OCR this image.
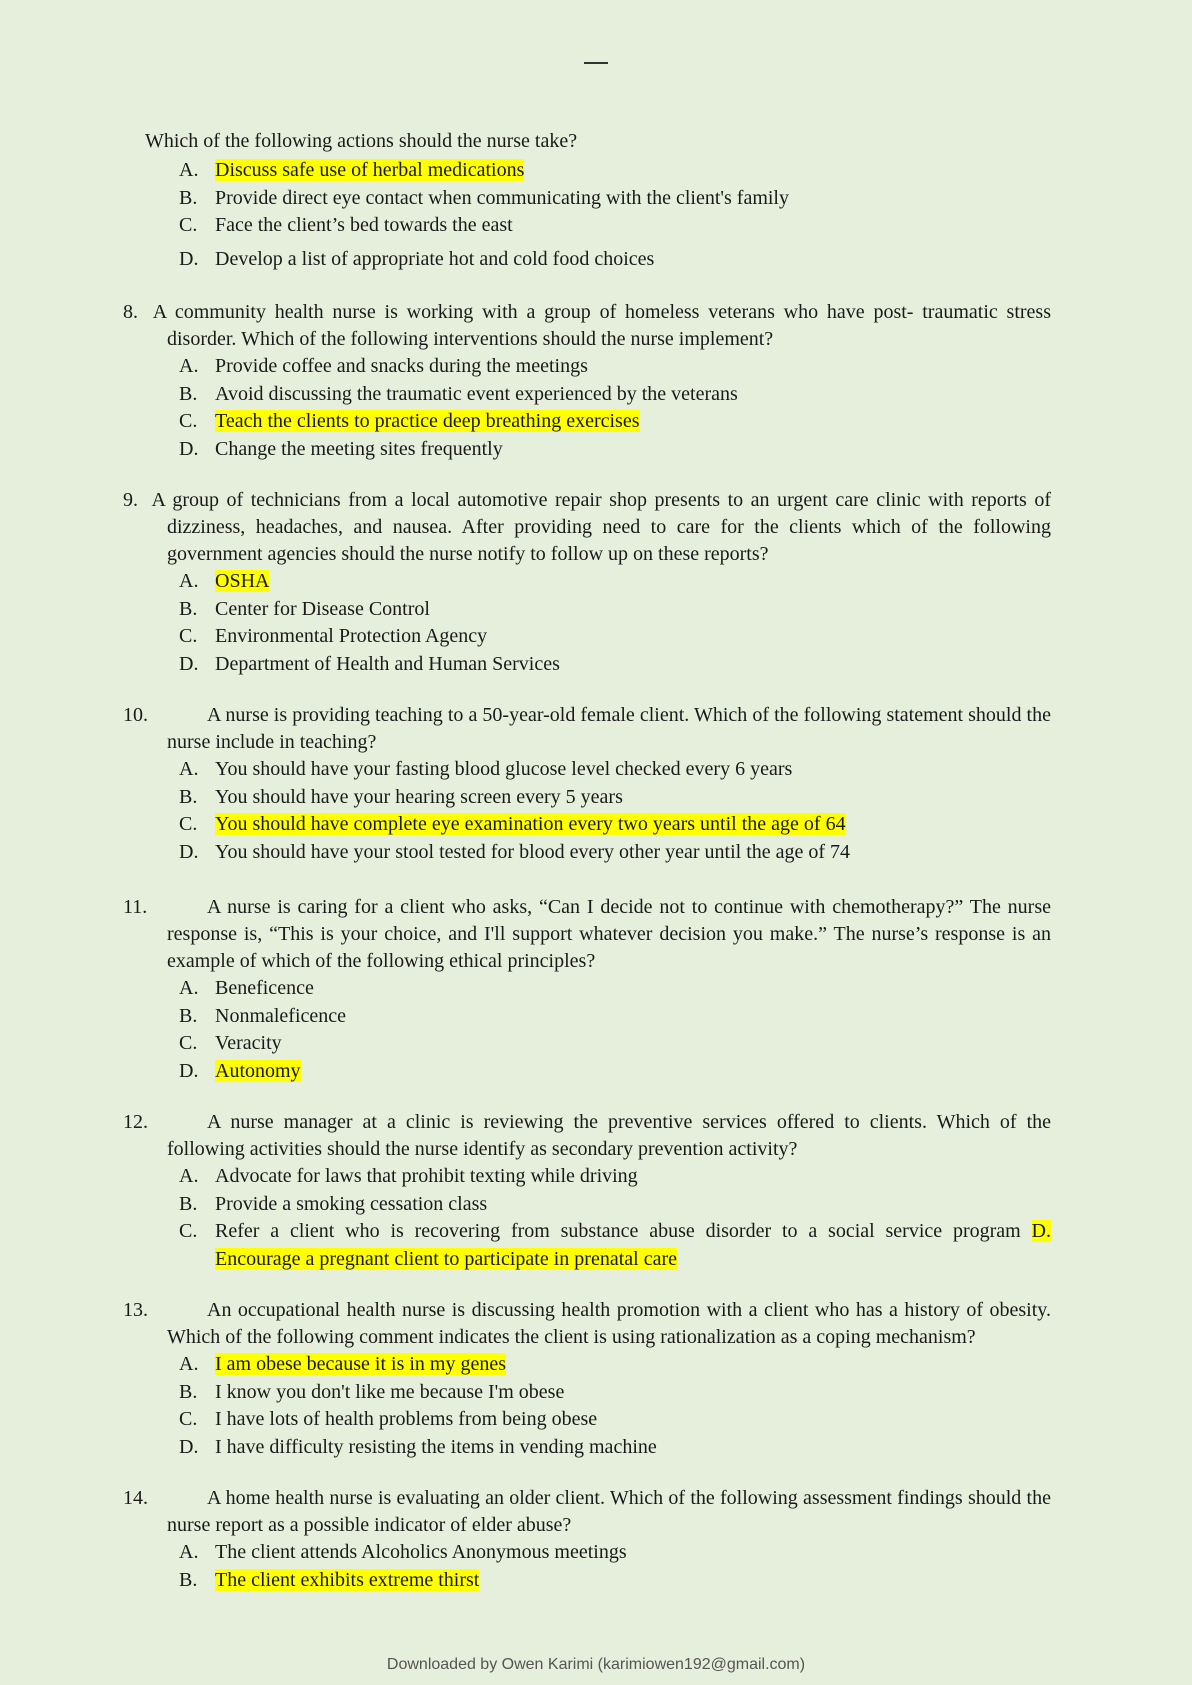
Which of the following actions should the nurse take?

A. Discuss safe use of herbal medications
B. Provide direct eye contact when communicating with the client's family
C. Face the client’s bed towards the east
D. Develop a list of appropriate hot and cold food choices

8. A community health nurse is working with a group of homeless veterans who have post- traumatic stress disorder. Which of the following interventions should the nurse implement?

A. Provide coffee and snacks during the meetings
B. Avoid discussing the traumatic event experienced by the veterans
C. Teach the clients to practice deep breathing exercises
D. Change the meeting sites frequently

9. A group of technicians from a local automotive repair shop presents to an urgent care clinic with reports of dizziness, headaches, and nausea. After providing need to care for the clients which of the following government agencies should the nurse notify to follow up on these reports?

A. OSHA
B. Center for Disease Control
C. Environmental Protection Agency
D. Department of Health and Human Services

10.	A nurse is providing teaching to a 50-year-old female client. Which of the following statement should the nurse include in teaching?

A. You should have your fasting blood glucose level checked every 6 years
B. You should have your hearing screen every 5 years
C. You should have complete eye examination every two years until the age of 64
D. You should have your stool tested for blood every other year until the age of 74

11.	A nurse is caring for a client who asks, “Can I decide not to continue with chemotherapy?” The nurse response is, “This is your choice, and I'll support whatever decision you make.” The nurse’s response is an example of which of the following ethical principles?

A. Beneficence
B. Nonmaleficence
C. Veracity
D. Autonomy

12.	A nurse manager at a clinic is reviewing the preventive services offered to clients. Which of the following activities should the nurse identify as secondary prevention activity?

A. Advocate for laws that prohibit texting while driving
B. Provide a smoking cessation class
C. Refer a client who is recovering from substance abuse disorder to a social service program D. Encourage a pregnant client to participate in prenatal care

13.	An occupational health nurse is discussing health promotion with a client who has a history of obesity. Which of the following comment indicates the client is using rationalization as a coping mechanism?

A. I am obese because it is in my genes
B. I know you don't like me because I'm obese
C. I have lots of health problems from being obese
D. I have difficulty resisting the items in vending machine

14.	A home health nurse is evaluating an older client. Which of the following assessment findings should the nurse report as a possible indicator of elder abuse?

A. The client attends Alcoholics Anonymous meetings
B. The client exhibits extreme thirst
Downloaded by Owen Karimi (karimiowen192@gmail.com)
